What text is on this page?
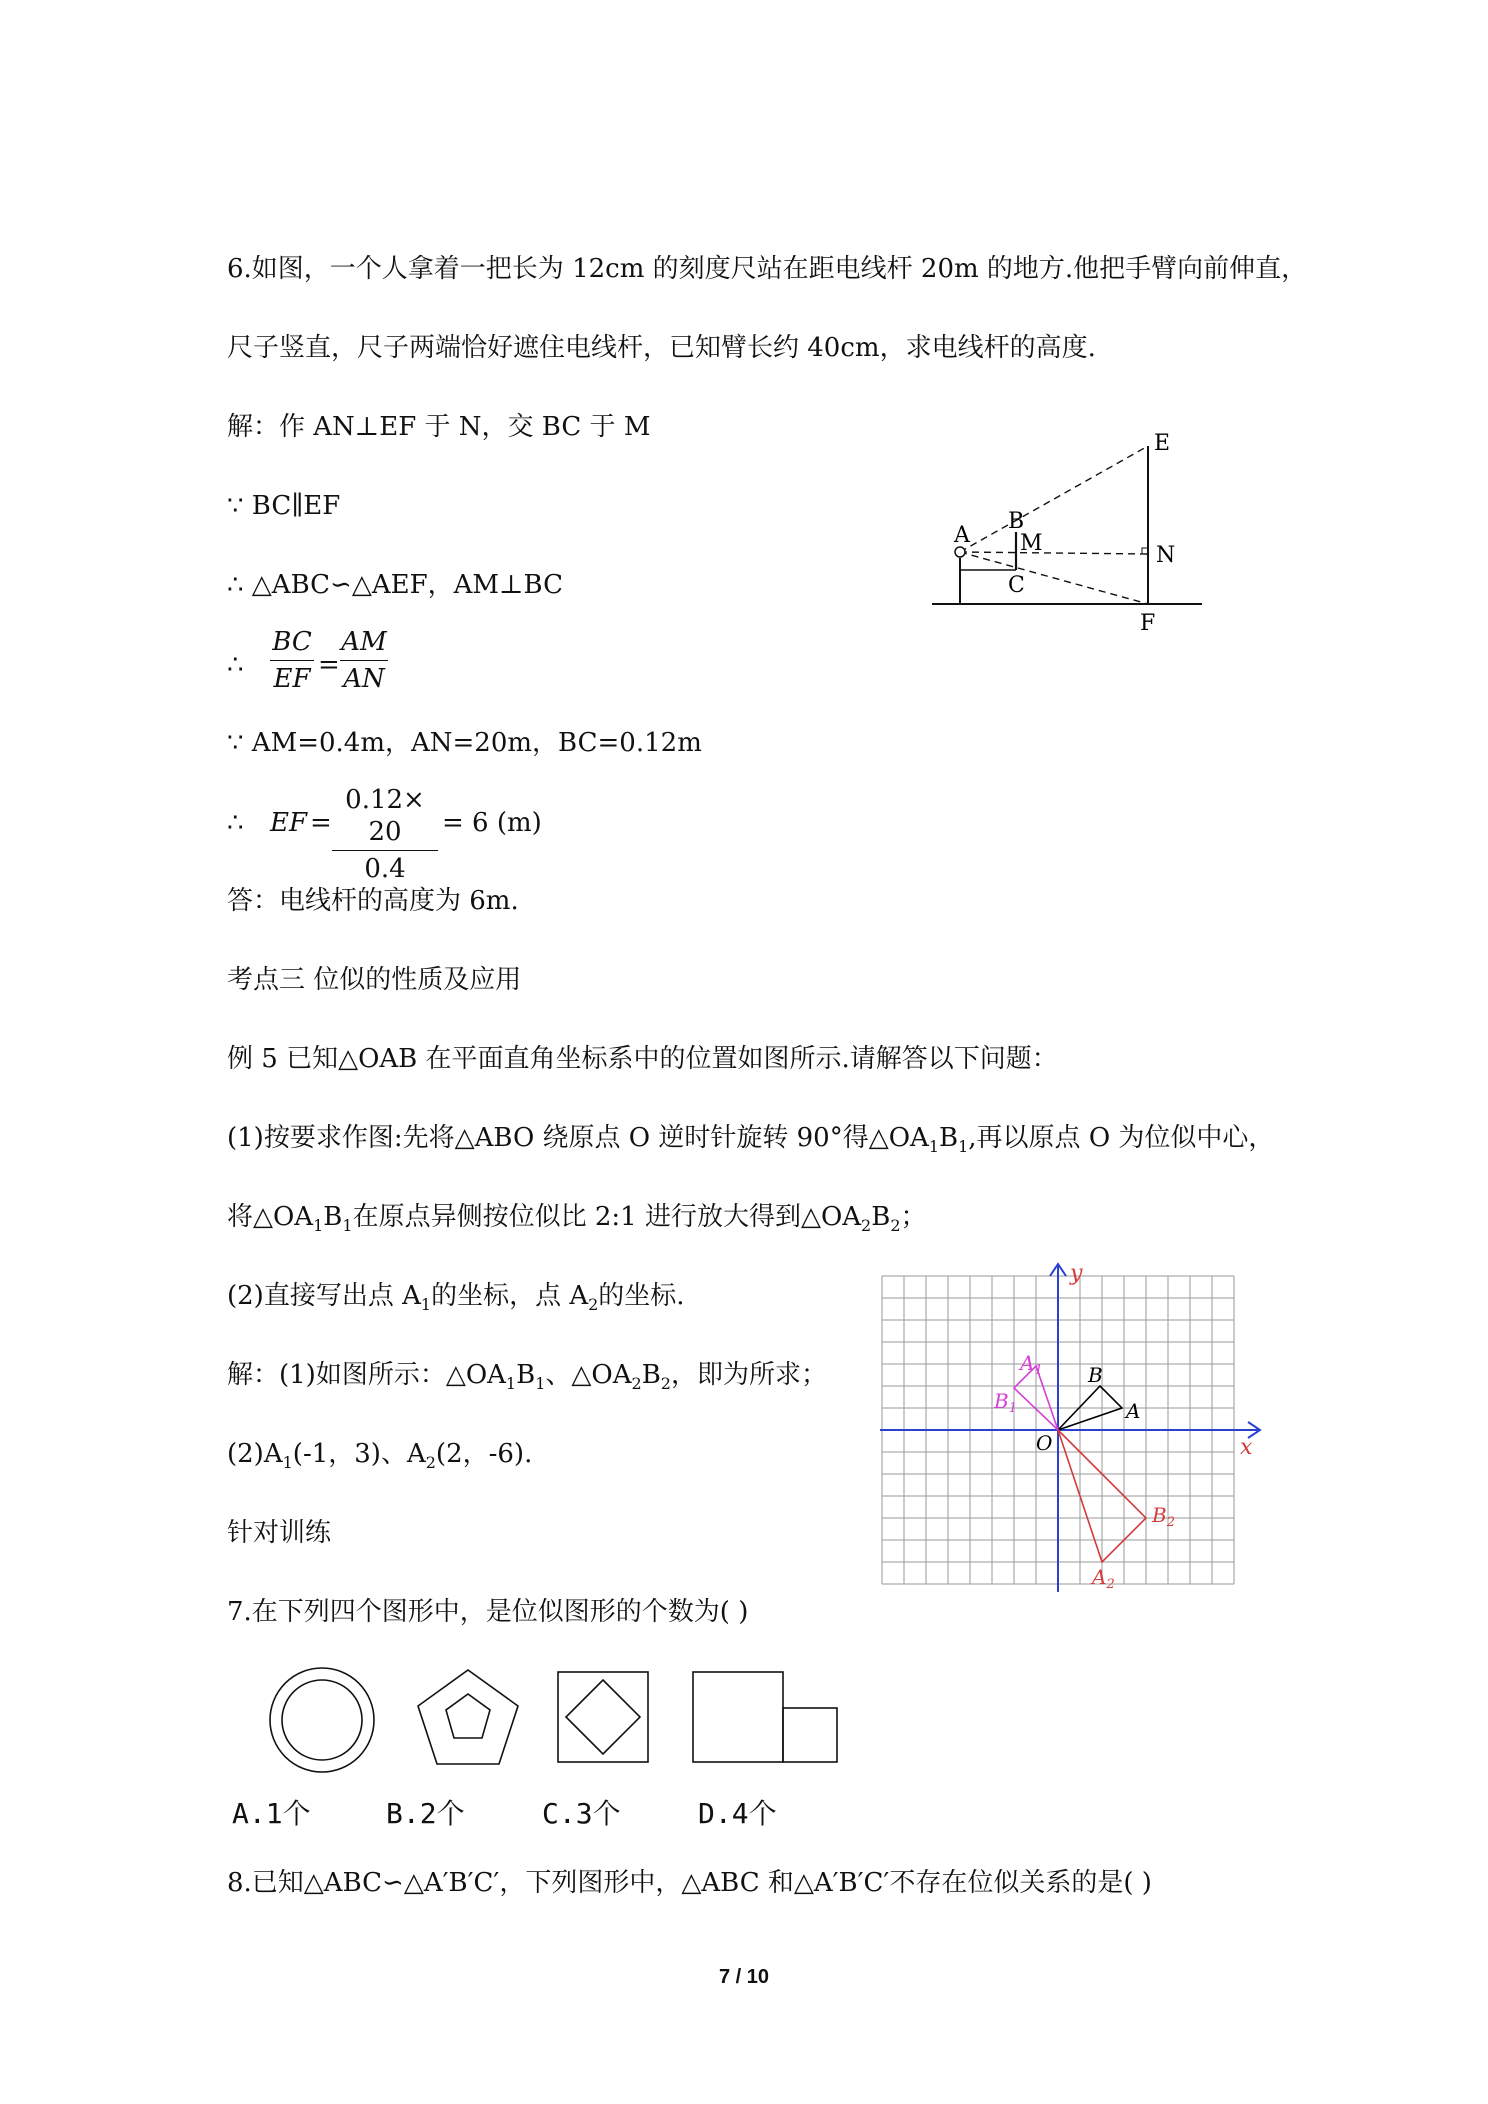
6.如图，一个人拿着一把长为 12cm 的刻度尺站在距电线杆 20m 的地方.他把手臂向前伸直，
尺子竖直，尺子两端恰好遮住电线杆，已知臂长约 40cm，求电线杆的高度.
解：作 AN⊥EF 于 N，交 BC 于 M
∵ BC∥EF
∴ △ABC∽△AEF，AM⊥BC
∴
BC
EF =
AM
AN
∵ AM=0.4m，AN=20m，BC=0.12m
∴ EF =
0.12× 20
0.4
= 6 (m)
答：电线杆的高度为 6m.
A
B
M
C
E
N
F
考点三 位似的性质及应用
例 5 已知△OAB 在平面直角坐标系中的位置如图所示.请解答以下问题：
(1)按要求作图:先将△ABO 绕原点 O 逆时针旋转 90°得$\triangle OA_1B_1$,再以原点 O 为位似中心，
将$\triangle OA_1B_1$在原点异侧按位似比 2:1 进行放大得到$\triangle OA_2B_2$；
(2)直接写出点 $A_1$的坐标，点 $A_2$的坐标.
解：(1)如图所示：$\triangle OA_1B_1$、$\triangle OA_2B_2$，即为所求；
$(2)A_1(-1$，3)、$A_2(2$，-6).
y
x
O
A
B
$A_1$
$B_1$
$B_2$
$A_2$
针对训练
7.在下列四个图形中，是位似图形的个数为( )
A.1个	B.2个	C.3个	D.4个
8.已知△ABC∽△A′B′C′，下列图形中，△ABC 和△A′B′C′不存在位似关系的是( )
7 / 10
